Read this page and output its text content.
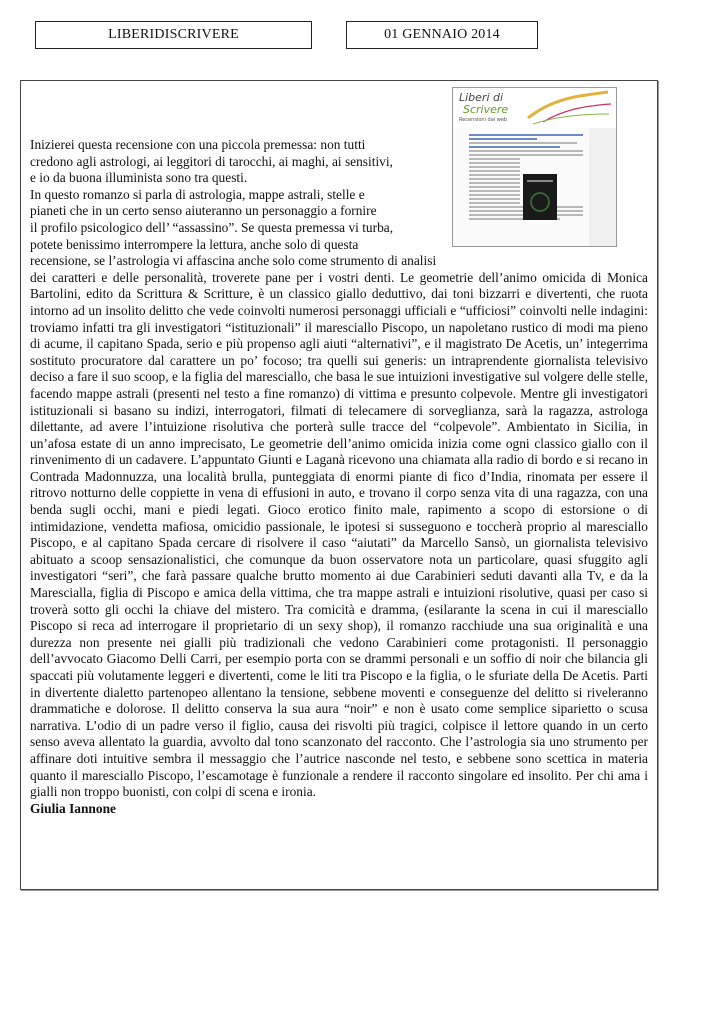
LIBERIDISCRIVERE	01 GENNAIO 2014
Liberi di
Scrivere
Recensioni dal web
Inizierei questa recensione con una piccola premessa: non tutti
credono agli astrologi, ai leggitori di tarocchi, ai maghi, ai sensitivi,
e io da buona illuminista sono tra questi.
In questo romanzo si parla di astrologia, mappe astrali, stelle e
pianeti che in un certo senso aiuteranno un personaggio a fornire
il profilo psicologico dell’ “assassino”. Se questa premessa vi turba,
potete benissimo interrompere la lettura, anche solo di questa
recensione, se l’astrologia vi affascina anche solo come strumento di analisi

dei caratteri e delle personalità, troverete pane per i vostri denti. Le geometrie dell’animo omicida di Monica Bartolini, edito da Scrittura & Scritture, è un classico giallo deduttivo, dai toni bizzarri e divertenti, che ruota intorno ad un insolito delitto che vede coinvolti numerosi personaggi ufficiali e “ufficiosi” coinvolti nelle indagini: troviamo infatti tra gli investigatori “istituzionali” il maresciallo Piscopo, un napoletano rustico di modi ma pieno di acume, il capitano Spada, serio e più propenso agli aiuti “alternativi”, e il magistrato De Acetis, un’ integerrima sostituto procuratore dal carattere un po’ focoso; tra quelli sui generis: un intraprendente giornalista televisivo deciso a fare il suo scoop, e la figlia del maresciallo, che basa le sue intuizioni investigative sul volgere delle stelle, facendo mappe astrali (presenti nel testo a fine romanzo) di vittima e presunto colpevole. Mentre gli investigatori istituzionali si basano su indizi, interrogatori, filmati di telecamere di sorveglianza, sarà la ragazza, astrologa dilettante, ad avere l’intuizione risolutiva che porterà sulle tracce del “colpevole”. Ambientato in Sicilia, in un’afosa estate di un anno imprecisato, Le geometrie dell’animo omicida inizia come ogni classico giallo con il rinvenimento di un cadavere. L’appuntato Giunti e Laganà ricevono una chiamata alla radio di bordo e si recano in Contrada Madonnuzza, una località brulla, punteggiata di enormi piante di fico d’India, rinomata per essere il ritrovo notturno delle coppiette in vena di effusioni in auto, e trovano il corpo senza vita di una ragazza, con una benda sugli occhi, mani e piedi legati. Gioco erotico finito male, rapimento a scopo di estorsione o di intimidazione, vendetta mafiosa, omicidio passionale, le ipotesi si susseguono e toccherà proprio al maresciallo Piscopo, e al capitano Spada cercare di risolvere il caso “aiutati” da Marcello Sansò, un giornalista televisivo abituato a scoop sensazionalistici, che comunque da buon osservatore nota un particolare, quasi sfuggito agli investigatori “seri”, che farà passare qualche brutto momento ai due Carabinieri seduti davanti alla Tv, e da la Marescialla, figlia di Piscopo e amica della vittima, che tra mappe astrali e intuizioni risolutive, quasi per caso si troverà sotto gli occhi la chiave del mistero. Tra comicità e dramma, (esilarante la scena in cui il maresciallo Piscopo si reca ad interrogare il proprietario di un sexy shop), il romanzo racchiude una sua originalità e una durezza non presente nei gialli più tradizionali che vedono Carabinieri come protagonisti. Il personaggio dell’avvocato Giacomo Delli Carri, per esempio porta con se drammi personali e un soffio di noir che bilancia gli spaccati più volutamente leggeri e divertenti, come le liti tra Piscopo e la figlia, o le sfuriate della De Acetis. Parti in divertente dialetto partenopeo allentano la tensione, sebbene moventi e conseguenze del delitto si riveleranno drammatiche e dolorose. Il delitto conserva la sua aura “noir” e non è usato come semplice siparietto o scusa narrativa. L’odio di un padre verso il figlio, causa dei risvolti più tragici, colpisce il lettore quando in un certo senso aveva allentato la guardia, avvolto dal tono scanzonato del racconto. Che l’astrologia sia uno strumento per affinare doti intuitive sembra il messaggio che l’autrice nasconde nel testo, e sebbene sono scettica in materia quanto il maresciallo Piscopo, l’escamotage è funzionale a rendere il racconto singolare ed insolito. Per chi ama i gialli non troppo buonisti, con colpi di scena e ironia.

Giulia Iannone
